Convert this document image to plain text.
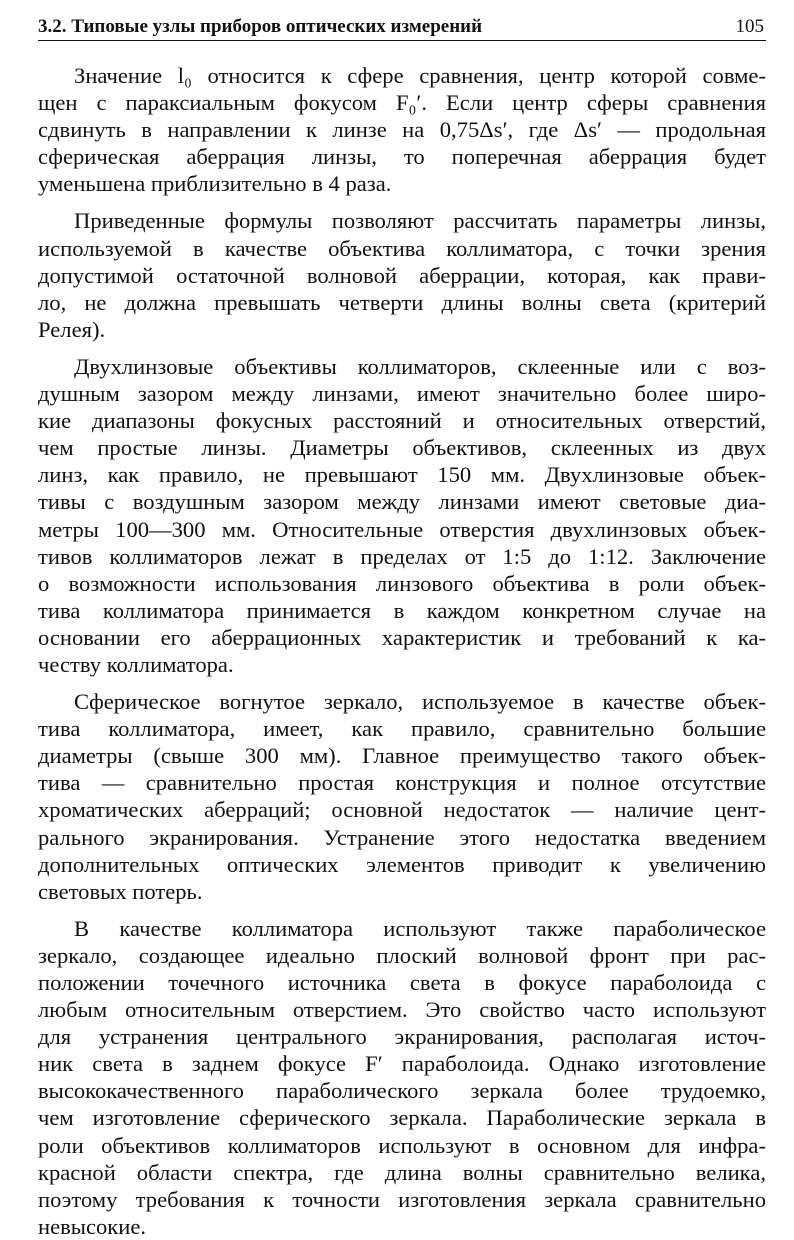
3.2. Типовые узлы приборов оптических измерений	105
Значение l₀ относится к сфере сравнения, центр которой совме-
щен с параксиальным фокусом F₀′. Если центр сферы сравнения
сдвинуть в направлении к линзе на 0,75Δs′, где Δs′ — продольная
сферическая аберрация линзы, то поперечная аберрация будет
уменьшена приблизительно в 4 раза.
Приведенные формулы позволяют рассчитать параметры линзы,
используемой в качестве объектива коллиматора, с точки зрения
допустимой остаточной волновой аберрации, которая, как прави-
ло, не должна превышать четверти длины волны света (критерий
Релея).
Двухлинзовые объективы коллиматоров, склеенные или с воз-
душным зазором между линзами, имеют значительно более широ-
кие диапазоны фокусных расстояний и относительных отверстий,
чем простые линзы. Диаметры объективов, склеенных из двух
линз, как правило, не превышают 150 мм. Двухлинзовые объек-
тивы с воздушным зазором между линзами имеют световые диа-
метры 100—300 мм. Относительные отверстия двухлинзовых объек-
тивов коллиматоров лежат в пределах от 1:5 до 1:12. Заключение
о возможности использования линзового объектива в роли объек-
тива коллиматора принимается в каждом конкретном случае на
основании его аберрационных характеристик и требований к ка-
честву коллиматора.
Сферическое вогнутое зеркало, используемое в качестве объек-
тива коллиматора, имеет, как правило, сравнительно большие
диаметры (свыше 300 мм). Главное преимущество такого объек-
тива — сравнительно простая конструкция и полное отсутствие
хроматических аберраций; основной недостаток — наличие цент-
рального экранирования. Устранение этого недостатка введением
дополнительных оптических элементов приводит к увеличению
световых потерь.
В качестве коллиматора используют также параболическое
зеркало, создающее идеально плоский волновой фронт при рас-
положении точечного источника света в фокусе параболоида с
любым относительным отверстием. Это свойство часто используют
для устранения центрального экранирования, располагая источ-
ник света в заднем фокусе F′ параболоида. Однако изготовление
высококачественного параболического зеркала более трудоемко,
чем изготовление сферического зеркала. Параболические зеркала в
роли объективов коллиматоров используют в основном для инфра-
красной области спектра, где длина волны сравнительно велика,
поэтому требования к точности изготовления зеркала сравнительно
невысокие.
